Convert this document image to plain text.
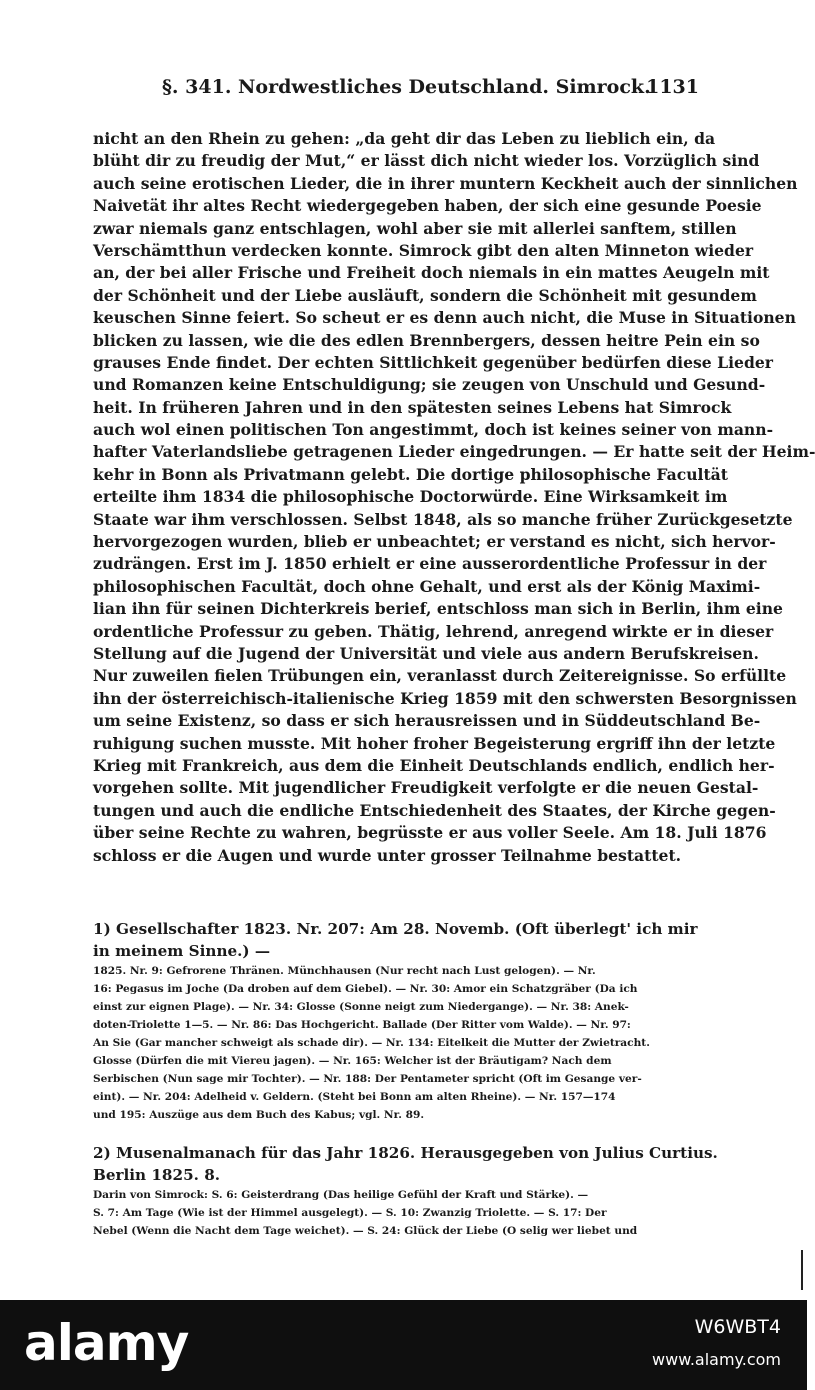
§. 341. Nordwestliches Deutschland. Simrock.
1131
nicht an den Rhein zu gehen: „da geht dir das Leben zu lieblich ein, da
blüht dir zu freudig der Mut,“ er lässt dich nicht wieder los. Vorzüglich sind
auch seine erotischen Lieder, die in ihrer muntern Keckheit auch der sinnlichen
Naivetät ihr altes Recht wiedergegeben haben, der sich eine gesunde Poesie
zwar niemals ganz entschlagen, wohl aber sie mit allerlei sanftem, stillen
Verschämtthun verdecken konnte. Simrock gibt den alten Minneton wieder
an, der bei aller Frische und Freiheit doch niemals in ein mattes Aeugeln mit
der Schönheit und der Liebe ausläuft, sondern die Schönheit mit gesundem
keuschen Sinne feiert. So scheut er es denn auch nicht, die Muse in Situationen
blicken zu lassen, wie die des edlen Brennbergers, dessen heitre Pein ein so
grauses Ende findet. Der echten Sittlichkeit gegenüber bedürfen diese Lieder
und Romanzen keine Entschuldigung; sie zeugen von Unschuld und Gesund-
heit. In früheren Jahren und in den spätesten seines Lebens hat Simrock
auch wol einen politischen Ton angestimmt, doch ist keines seiner von mann-
hafter Vaterlandsliebe getragenen Lieder eingedrungen. — Er hatte seit der Heim-
kehr in Bonn als Privatmann gelebt. Die dortige philosophische Facultät
erteilte ihm 1834 die philosophische Doctorwürde. Eine Wirksamkeit im
Staate war ihm verschlossen. Selbst 1848, als so manche früher Zurückgesetzte
hervorgezogen wurden, blieb er unbeachtet; er verstand es nicht, sich hervor-
zudrängen. Erst im J. 1850 erhielt er eine ausserordentliche Professur in der
philosophischen Facultät, doch ohne Gehalt, und erst als der König Maximi-
lian ihn für seinen Dichterkreis berief, entschloss man sich in Berlin, ihm eine
ordentliche Professur zu geben. Thätig, lehrend, anregend wirkte er in dieser
Stellung auf die Jugend der Universität und viele aus andern Berufskreisen.
Nur zuweilen fielen Trübungen ein, veranlasst durch Zeitereignisse. So erfüllte
ihn der österreichisch-italienische Krieg 1859 mit den schwersten Besorgnissen
um seine Existenz, so dass er sich herausreissen und in Süddeutschland Be-
ruhigung suchen musste. Mit hoher froher Begeisterung ergriff ihn der letzte
Krieg mit Frankreich, aus dem die Einheit Deutschlands endlich, endlich her-
vorgehen sollte. Mit jugendlicher Freudigkeit verfolgte er die neuen Gestal-
tungen und auch die endliche Entschiedenheit des Staates, der Kirche gegen-
über seine Rechte zu wahren, begrüsste er aus voller Seele. Am 18. Juli 1876
schloss er die Augen und wurde unter grosser Teilnahme bestattet.
1) Gesellschafter 1823. Nr. 207: Am 28. Novemb. (Oft überlegt' ich mir
in meinem Sinne.) —
1825. Nr. 9: Gefrorene Thränen. Münchhausen (Nur recht nach Lust gelogen). — Nr.
16: Pegasus im Joche (Da droben auf dem Giebel). — Nr. 30: Amor ein Schatzgräber (Da ich
einst zur eignen Plage). — Nr. 34: Glosse (Sonne neigt zum Niedergange). — Nr. 38: Anek-
doten-Triolette 1—5. — Nr. 86: Das Hochgericht. Ballade (Der Ritter vom Walde). — Nr. 97:
An Sie (Gar mancher schweigt als schade dir). — Nr. 134: Eitelkeit die Mutter der Zwietracht.
Glosse (Dürfen die mit Viereu jagen). — Nr. 165: Welcher ist der Bräutigam? Nach dem
Serbischen (Nun sage mir Tochter). — Nr. 188: Der Pentameter spricht (Oft im Gesange ver-
eint). — Nr. 204: Adelheid v. Geldern. (Steht bei Bonn am alten Rheine). — Nr. 157—174
und 195: Auszüge aus dem Buch des Kabus; vgl. Nr. 89.
2) Musenalmanach für das Jahr 1826. Herausgegeben von Julius Curtius.
Berlin 1825. 8.
Darin von Simrock: S. 6: Geisterdrang (Das heilige Gefühl der Kraft und Stärke). —
S. 7: Am Tage (Wie ist der Himmel ausgelegt). — S. 10: Zwanzig Triolette. — S. 17: Der
Nebel (Wenn die Nacht dem Tage weichet). — S. 24: Glück der Liebe (O selig wer liebet und
alamy	W6WBT4
www.alamy.com
